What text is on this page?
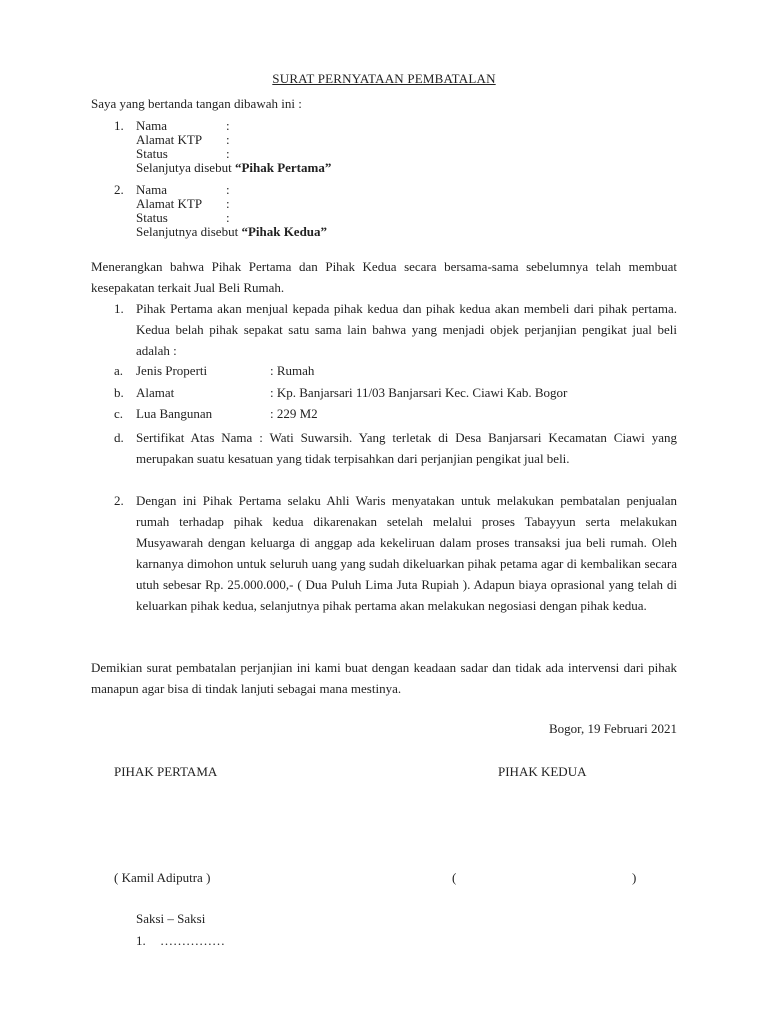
SURAT PERNYATAAN PEMBATALAN
Saya yang bertanda tangan dibawah ini :
1. Nama	:
Alamat KTP :
Status	:
Selanjutya disebut “Pihak Pertama”
2. Nama	:
Alamat KTP :
Status	:
Selanjutnya disebut “Pihak Kedua”
Menerangkan bahwa Pihak Pertama dan Pihak Kedua secara bersama-sama sebelumnya telah membuat kesepakatan terkait Jual Beli Rumah.
1. Pihak Pertama akan menjual kepada pihak kedua dan pihak kedua akan membeli dari pihak pertama. Kedua belah pihak sepakat satu sama lain bahwa yang menjadi objek perjanjian pengikat jual beli adalah :
a. Jenis Properti	: Rumah
b. Alamat	: Kp. Banjarsari 11/03 Banjarsari Kec. Ciawi Kab. Bogor
c. Lua Bangunan	: 229 M2
d. Sertifikat Atas Nama : Wati Suwarsih. Yang terletak di Desa Banjarsari Kecamatan Ciawi yang merupakan suatu kesatuan yang tidak terpisahkan dari perjanjian pengikat jual beli.
2. Dengan ini Pihak Pertama selaku Ahli Waris menyatakan untuk melakukan pembatalan penjualan rumah terhadap pihak kedua dikarenakan setelah melalui proses Tabayyun serta melakukan Musyawarah dengan keluarga di anggap ada kekeliruan dalam proses transaksi jua beli rumah. Oleh karnanya dimohon untuk seluruh uang yang sudah dikeluarkan pihak petama agar di kembalikan secara utuh sebesar Rp. 25.000.000,- ( Dua Puluh Lima Juta Rupiah ). Adapun biaya oprasional yang telah di keluarkan pihak kedua, selanjutnya pihak pertama akan melakukan negosiasi dengan pihak kedua.
Demikian surat pembatalan perjanjian ini kami buat dengan keadaan sadar dan tidak ada intervensi dari pihak manapun agar bisa di tindak lanjuti sebagai mana mestinya.
Bogor, 19 Februari 2021
PIHAK PERTAMA	PIHAK KEDUA
( Kamil Adiputra )	(	)
Saksi – Saksi
1. ……………
